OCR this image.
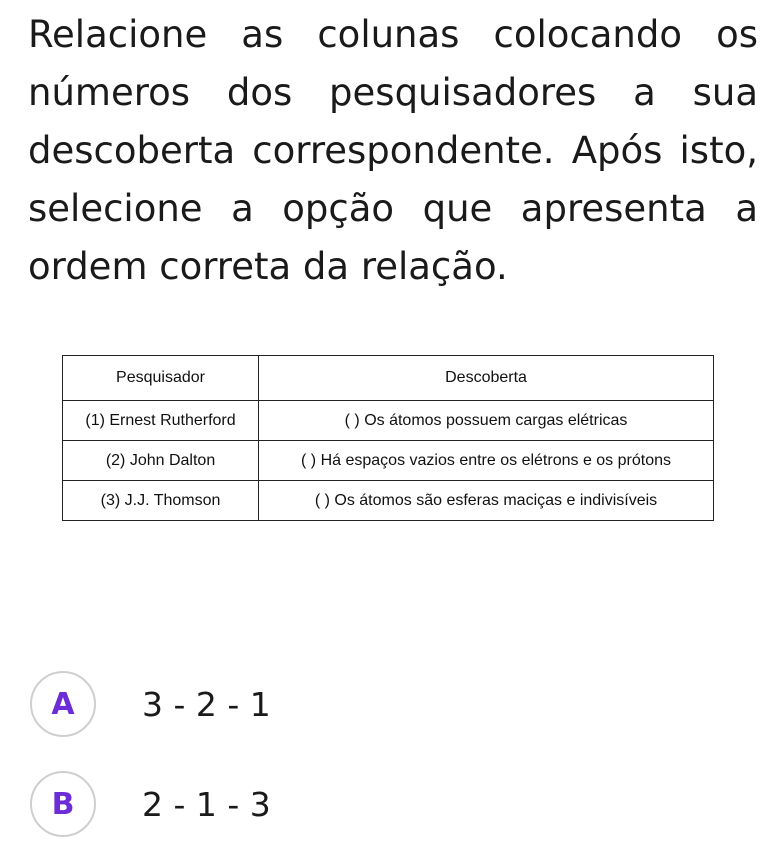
Relacione as colunas colocando os números dos pesquisadores a sua descoberta correspondente. Após isto, selecione a opção que apresenta a ordem correta da relação.

Pesquisador	Descoberta
(1) Ernest Rutherford	( ) Os átomos possuem cargas elétricas
(2) John Dalton	( ) Há espaços vazios entre os elétrons e os prótons
(3) J.J. Thomson	( ) Os átomos são esferas maciças e indivisíveis
A	3 - 2 - 1
B	2 - 1 - 3
